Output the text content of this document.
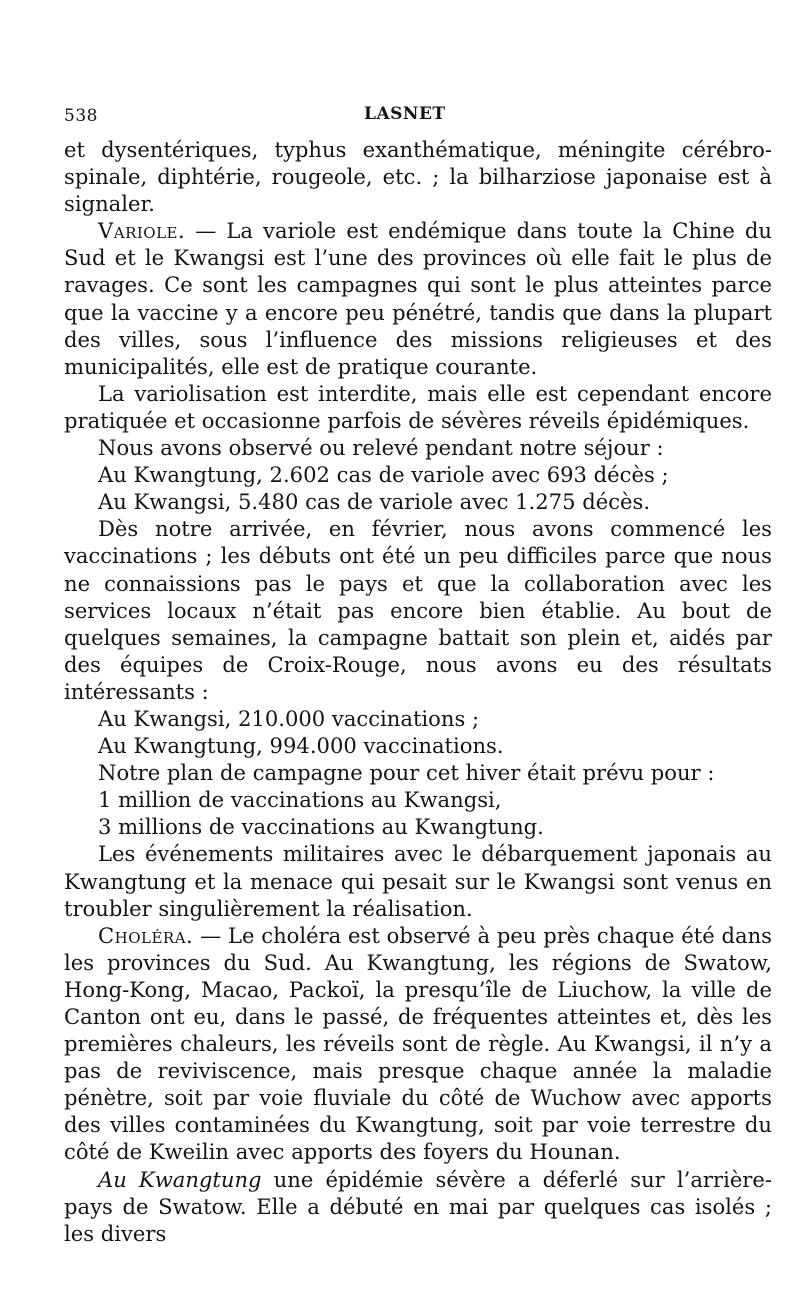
538	LASNET

et dysentériques, typhus exanthématique, méningite cérébro-spinale, diphtérie, rougeole, etc. ; la bilharziose japonaise est à signaler.

Variole. — La variole est endémique dans toute la Chine du Sud et le Kwangsi est l’une des provinces où elle fait le plus de ravages. Ce sont les campagnes qui sont le plus atteintes parce que la vaccine y a encore peu pénétré, tandis que dans la plupart des villes, sous l’influence des missions religieuses et des municipalités, elle est de pratique courante.

La variolisation est interdite, mais elle est cependant encore pratiquée et occasionne parfois de sévères réveils épidémiques.

Nous avons observé ou relevé pendant notre séjour :

Au Kwangtung, 2.602 cas de variole avec 693 décès ;

Au Kwangsi, 5.480 cas de variole avec 1.275 décès.

Dès notre arrivée, en février, nous avons commencé les vaccinations ; les débuts ont été un peu difficiles parce que nous ne connaissions pas le pays et que la collaboration avec les services locaux n’était pas encore bien établie. Au bout de quelques semaines, la campagne battait son plein et, aidés par des équipes de Croix-Rouge, nous avons eu des résultats intéressants :

Au Kwangsi, 210.000 vaccinations ;

Au Kwangtung, 994.000 vaccinations.

Notre plan de campagne pour cet hiver était prévu pour :

1 million de vaccinations au Kwangsi,

3 millions de vaccinations au Kwangtung.

Les événements militaires avec le débarquement japonais au Kwangtung et la menace qui pesait sur le Kwangsi sont venus en troubler singulièrement la réalisation.

Choléra. — Le choléra est observé à peu près chaque été dans les provinces du Sud. Au Kwangtung, les régions de Swatow, Hong-Kong, Macao, Packoï, la presqu’île de Liuchow, la ville de Canton ont eu, dans le passé, de fréquentes atteintes et, dès les premières chaleurs, les réveils sont de règle. Au Kwangsi, il n’y a pas de reviviscence, mais presque chaque année la maladie pénètre, soit par voie fluviale du côté de Wuchow avec apports des villes contaminées du Kwangtung, soit par voie terrestre du côté de Kweilin avec apports des foyers du Hounan.

Au Kwangtung une épidémie sévère a déferlé sur l’arrière-pays de Swatow. Elle a débuté en mai par quelques cas isolés ; les divers
